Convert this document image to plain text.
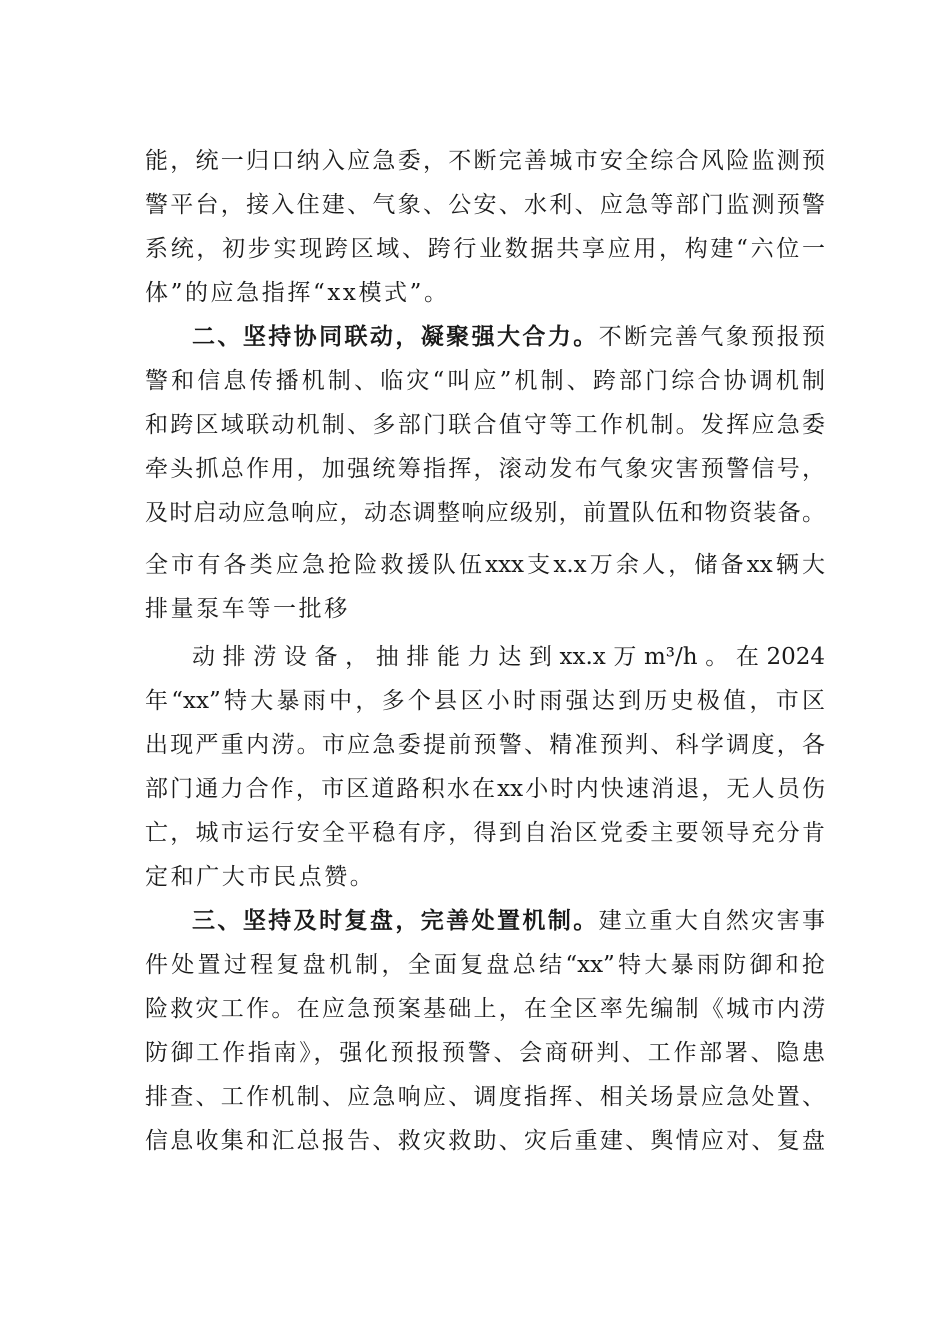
能，统一归口纳入应急委，不断完善城市安全综合风险监测预
警平台，接入住建、气象、公安、水利、应急等部门监测预警
系统，初步实现跨区域、跨行业数据共享应用，构建“六位一
体”的应急指挥“xx模式”。
二、坚持协同联动，凝聚强大合力。不断完善气象预报预
警和信息传播机制、临灾“叫应”机制、跨部门综合协调机制
和跨区域联动机制、多部门联合值守等工作机制。发挥应急委
牵头抓总作用，加强统筹指挥，滚动发布气象灾害预警信号，
及时启动应急响应，动态调整响应级别，前置队伍和物资装备。
全市有各类应急抢险救援队伍xxx支x.x万余人，储备xx辆大
排量泵车等一批移
动排涝设备，抽排能力达到xx.x万m³/h。在2024
年“xx”特大暴雨中，多个县区小时雨强达到历史极值，市区
出现严重内涝。市应急委提前预警、精准预判、科学调度，各
部门通力合作，市区道路积水在xx小时内快速消退，无人员伤
亡，城市运行安全平稳有序，得到自治区党委主要领导充分肯
定和广大市民点赞。
三、坚持及时复盘，完善处置机制。建立重大自然灾害事
件处置过程复盘机制，全面复盘总结“xx”特大暴雨防御和抢
险救灾工作。在应急预案基础上，在全区率先编制《城市内涝
防御工作指南》，强化预报预警、会商研判、工作部署、隐患
排查、工作机制、应急响应、调度指挥、相关场景应急处置、
信息收集和汇总报告、救灾救助、灾后重建、舆情应对、复盘
